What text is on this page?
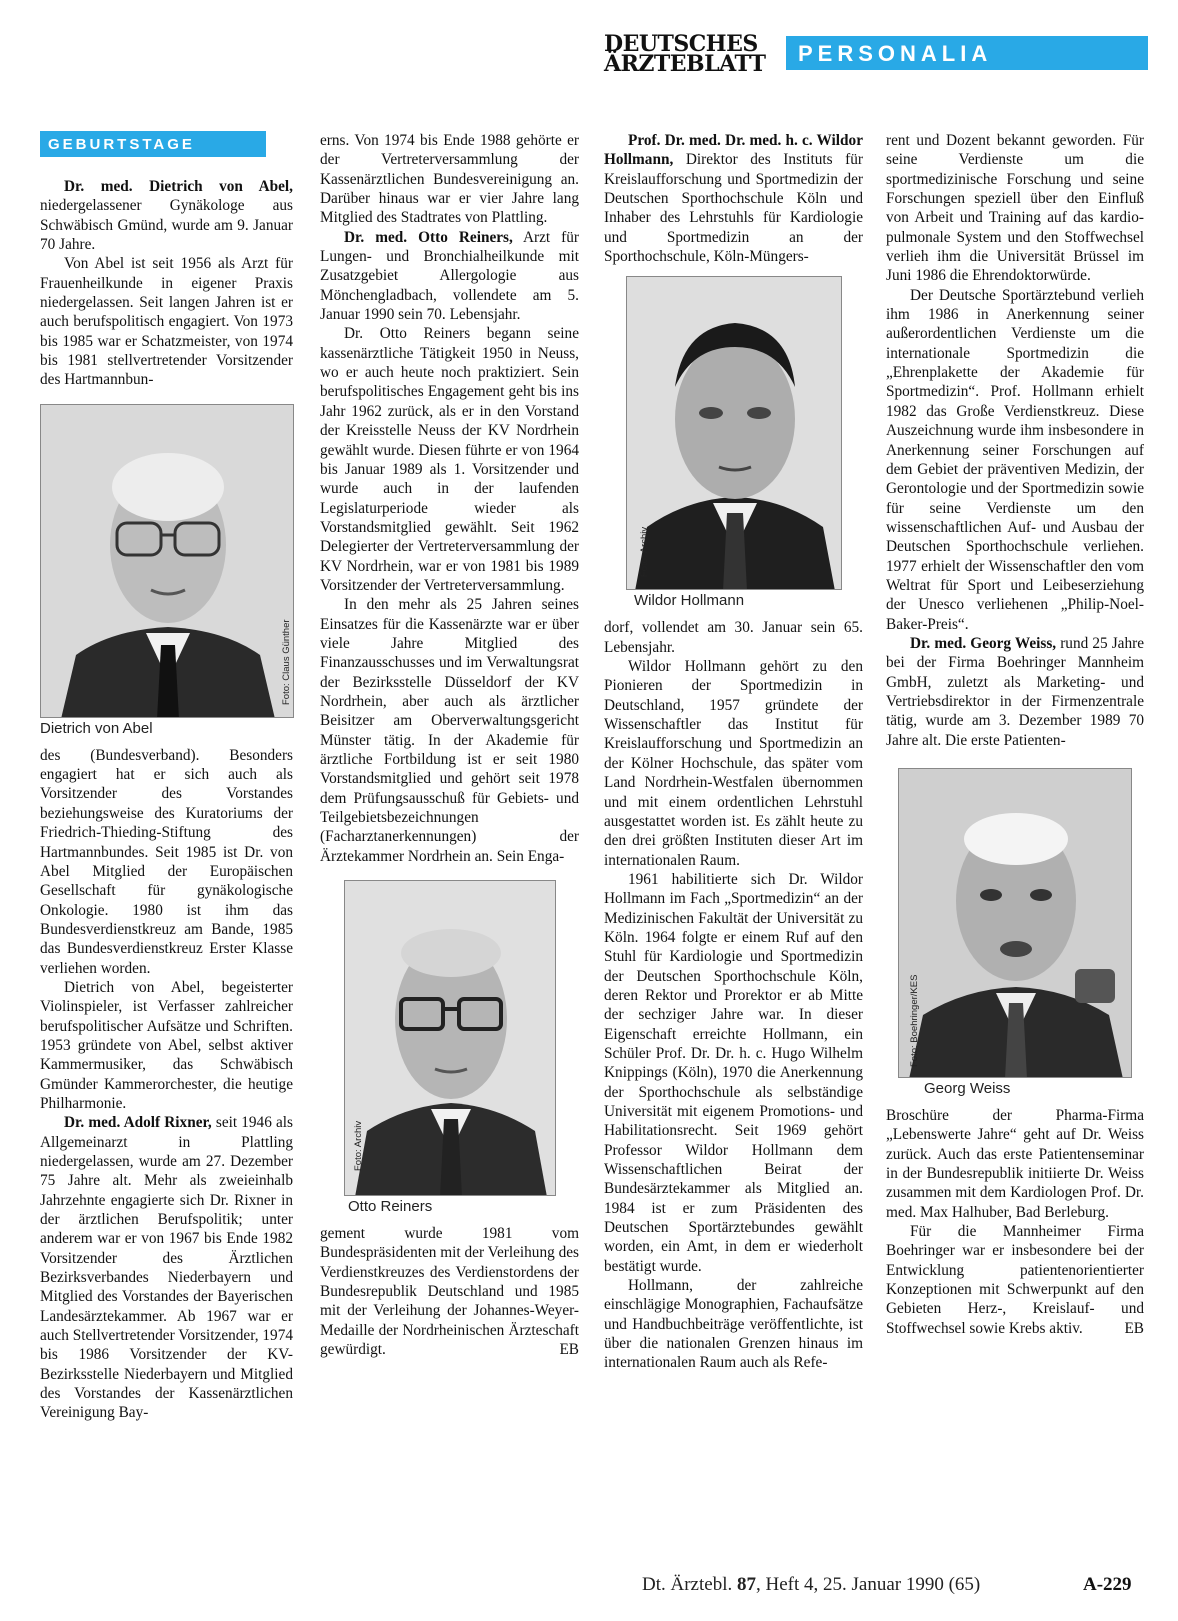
DEUTSCHES
ÄRZTEBLATT	PERSONALIA
GEBURTSTAGE

Dr. med. Dietrich von Abel, niedergelassener Gynäkologe aus Schwäbisch Gmünd, wurde am 9. Januar 70 Jahre.

Von Abel ist seit 1956 als Arzt für Frauenheilkunde in eigener Praxis niedergelassen. Seit langen Jahren ist er auch berufspolitisch engagiert. Von 1973 bis 1985 war er Schatzmeister, von 1974 bis 1981 stellvertretender Vorsitzender des Hartmannbun-

Foto: Claus Günther
Dietrich von Abel

des (Bundesverband). Besonders engagiert hat er sich auch als Vorsitzender des Vorstandes beziehungsweise des Kuratoriums der Friedrich-Thieding-Stiftung des Hartmannbundes. Seit 1985 ist Dr. von Abel Mitglied der Europäischen Gesellschaft für gynäkologische Onkologie. 1980 ist ihm das Bundesverdienstkreuz am Bande, 1985 das Bundesverdienstkreuz Erster Klasse verliehen worden.

Dietrich von Abel, begeisterter Violinspieler, ist Verfasser zahlreicher berufspolitischer Aufsätze und Schriften. 1953 gründete von Abel, selbst aktiver Kammermusiker, das Schwäbisch Gmünder Kammerorchester, die heutige Philharmonie.

Dr. med. Adolf Rixner, seit 1946 als Allgemeinarzt in Plattling niedergelassen, wurde am 27. Dezember 75 Jahre alt. Mehr als zweieinhalb Jahrzehnte engagierte sich Dr. Rixner in der ärztlichen Berufspolitik; unter anderem war er von 1967 bis Ende 1982 Vorsitzender des Ärztlichen Bezirksverbandes Niederbayern und Mitglied des Vorstandes der Bayerischen Landesärztekammer. Ab 1967 war er auch Stellvertretender Vorsitzender, 1974 bis 1986 Vorsitzender der KV-Bezirksstelle Niederbayern und Mitglied des Vorstandes der Kassenärztlichen Vereinigung Bay-

erns. Von 1974 bis Ende 1988 gehörte er der Vertreterversammlung der Kassenärztlichen Bundesvereinigung an. Darüber hinaus war er vier Jahre lang Mitglied des Stadtrates von Plattling.

Dr. med. Otto Reiners, Arzt für Lungen- und Bronchialheilkunde mit Zusatzgebiet Allergologie aus Mönchengladbach, vollendete am 5. Januar 1990 sein 70. Lebensjahr.

Dr. Otto Reiners begann seine kassenärztliche Tätigkeit 1950 in Neuss, wo er auch heute noch praktiziert. Sein berufspolitisches Engagement geht bis ins Jahr 1962 zurück, als er in den Vorstand der Kreisstelle Neuss der KV Nordrhein gewählt wurde. Diesen führte er von 1964 bis Januar 1989 als 1. Vorsitzender und wurde auch in der laufenden Legislaturperiode wieder als Vorstandsmitglied gewählt. Seit 1962 Delegierter der Vertreterversammlung der KV Nordrhein, war er von 1981 bis 1989 Vorsitzender der Vertreterversammlung.

In den mehr als 25 Jahren seines Einsatzes für die Kassenärzte war er über viele Jahre Mitglied des Finanzausschusses und im Verwaltungsrat der Bezirksstelle Düsseldorf der KV Nordrhein, aber auch als ärztlicher Beisitzer am Oberverwaltungsgericht Münster tätig. In der Akademie für ärztliche Fortbildung ist er seit 1980 Vorstandsmitglied und gehört seit 1978 dem Prüfungsausschuß für Gebiets- und Teilgebietsbezeichnungen (Facharztanerkennungen) der Ärztekammer Nordrhein an. Sein Enga-

Foto: Archiv
Otto Reiners

gement wurde 1981 vom Bundespräsidenten mit der Verleihung des Verdienstkreuzes des Verdienstordens der Bundesrepublik Deutschland und 1985 mit der Verleihung der Johannes-Weyer-Medaille der Nordrheinischen Ärzteschaft gewürdigt.	EB

Prof. Dr. med. Dr. med. h. c. Wildor Hollmann, Direktor des Instituts für Kreislaufforschung und Sportmedizin der Deutschen Sporthochschule Köln und Inhaber des Lehrstuhls für Kardiologie und Sportmedizin an der Sporthochschule, Köln-Müngers-

Foto: Archiv
Wildor Hollmann

dorf, vollendet am 30. Januar sein 65. Lebensjahr.

Wildor Hollmann gehört zu den Pionieren der Sportmedizin in Deutschland, 1957 gründete der Wissenschaftler das Institut für Kreislaufforschung und Sportmedizin an der Kölner Hochschule, das später vom Land Nordrhein-Westfalen übernommen und mit einem ordentlichen Lehrstuhl ausgestattet worden ist. Es zählt heute zu den drei größten Instituten dieser Art im internationalen Raum.

1961 habilitierte sich Dr. Wildor Hollmann im Fach „Sportmedizin“ an der Medizinischen Fakultät der Universität zu Köln. 1964 folgte er einem Ruf auf den Stuhl für Kardiologie und Sportmedizin der Deutschen Sporthochschule Köln, deren Rektor und Prorektor er ab Mitte der sechziger Jahre war. In dieser Eigenschaft erreichte Hollmann, ein Schüler Prof. Dr. Dr. h. c. Hugo Wilhelm Knippings (Köln), 1970 die Anerkennung der Sporthochschule als selbständige Universität mit eigenem Promotions- und Habilitationsrecht. Seit 1969 gehört Professor Wildor Hollmann dem Wissenschaftlichen Beirat der Bundesärztekammer als Mitglied an. 1984 ist er zum Präsidenten des Deutschen Sportärztebundes gewählt worden, ein Amt, in dem er wiederholt bestätigt wurde.

Hollmann, der zahlreiche einschlägige Monographien, Fachaufsätze und Handbuchbeiträge veröffentlichte, ist über die nationalen Grenzen hinaus im internationalen Raum auch als Refe-

rent und Dozent bekannt geworden. Für seine Verdienste um die sportmedizinische Forschung und seine Forschungen speziell über den Einfluß von Arbeit und Training auf das kardio-pulmonale System und den Stoffwechsel verlieh ihm die Universität Brüssel im Juni 1986 die Ehrendoktorwürde.

Der Deutsche Sportärztebund verlieh ihm 1986 in Anerkennung seiner außerordentlichen Verdienste um die internationale Sportmedizin die „Ehrenplakette der Akademie für Sportmedizin“. Prof. Hollmann erhielt 1982 das Große Verdienstkreuz. Diese Auszeichnung wurde ihm insbesondere in Anerkennung seiner Forschungen auf dem Gebiet der präventiven Medizin, der Gerontologie und der Sportmedizin sowie für seine Verdienste um den wissenschaftlichen Auf- und Ausbau der Deutschen Sporthochschule verliehen. 1977 erhielt der Wissenschaftler den vom Weltrat für Sport und Leibeserziehung der Unesco verliehenen „Philip-Noel-Baker-Preis“.

Dr. med. Georg Weiss, rund 25 Jahre bei der Firma Boehringer Mannheim GmbH, zuletzt als Marketing- und Vertriebsdirektor in der Firmenzentrale tätig, wurde am 3. Dezember 1989 70 Jahre alt. Die erste Patienten-

Foto: Boehringer/KES
Georg Weiss

Broschüre der Pharma-Firma „Lebenswerte Jahre“ geht auf Dr. Weiss zurück. Auch das erste Patientenseminar in der Bundesrepublik initiierte Dr. Weiss zusammen mit dem Kardiologen Prof. Dr. med. Max Halhuber, Bad Berleburg.

Für die Mannheimer Firma Boehringer war er insbesondere bei der Entwicklung patientenorientierter Konzeptionen mit Schwerpunkt auf den Gebieten Herz-, Kreislauf- und Stoffwechsel sowie Krebs aktiv.	EB

Dt. Ärztebl. 87, Heft 4, 25. Januar 1990 (65)	A-229
